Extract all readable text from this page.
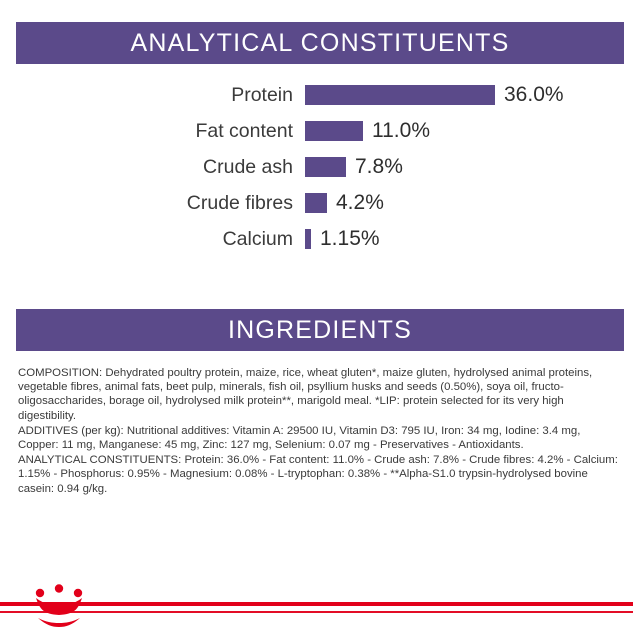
ANALYTICAL CONSTITUENTS
Protein	36.0%
Fat content	11.0%
Crude ash	7.8%
Crude fibres	4.2%
Calcium	1.15%
INGREDIENTS

COMPOSITION: Dehydrated poultry protein, maize, rice, wheat gluten*, maize gluten, hydrolysed animal proteins, vegetable fibres, animal fats, beet pulp, minerals, fish oil, psyllium husks and seeds (0.50%), soya oil, fructo-oligosaccharides, borage oil, hydrolysed milk protein**, marigold meal. *LIP: protein selected for its very high digestibility.

ADDITIVES (per kg): Nutritional additives: Vitamin A: 29500 IU, Vitamin D3: 795 IU, Iron: 34 mg, Iodine: 3.4 mg, Copper: 11 mg, Manganese: 45 mg, Zinc: 127 mg, Selenium: 0.07 mg - Preservatives - Antioxidants.

ANALYTICAL CONSTITUENTS: Protein: 36.0% - Fat content: 11.0% - Crude ash: 7.8% - Crude fibres: 4.2% - Calcium: 1.15% - Phosphorus: 0.95% - Magnesium: 0.08% - L-tryptophan: 0.38% - **Alpha-S1.0 trypsin-hydrolysed bovine casein: 0.94 g/kg.
